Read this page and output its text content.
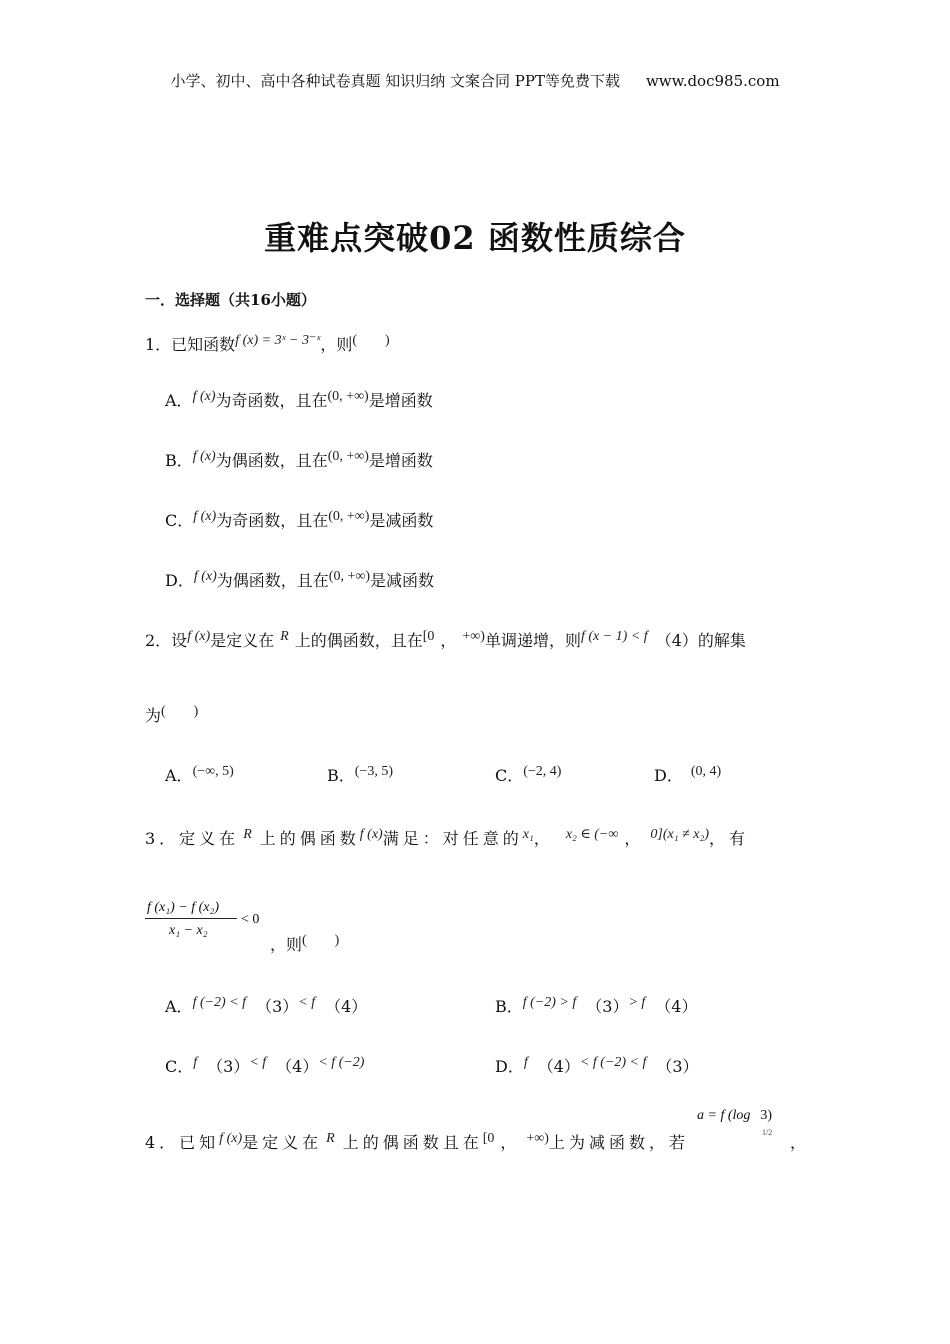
小学、初中、高中各种试卷真题 知识归纳 文案合同 PPT等免费下载 www.doc985.com
重难点突破02 函数性质综合
一．选择题（共16小题）
1．已知函数f (x) = 3ˣ − 3⁻ˣ，则(　　)
A．f (x)为奇函数，且在(0, +∞)是增函数
B．f (x)为偶函数，且在(0, +∞)是增函数
C．f (x)为奇函数，且在(0, +∞)是减函数
D．f (x)为偶函数，且在(0, +∞)是减函数
2．设f (x)是定义在 R 上的偶函数，且在[0 ， +∞)单调递增，则f (x − 1) < f （4）的解集
为(　　)
A．(−∞, 5)	B．(−3, 5)	C．(−2, 4)	D． (0, 4)
3．定义在 R 上的偶函数f (x)满足：对任意的x₁， x₂ ∈ (−∞ ， 0](x₁ ≠ x₂)，有
f (x₁) − f (x₂)
x₁ − x₂
< 0
，则(　　)
A．f (−2) < f （3）< f （4）	B．f (−2) > f （3）> f （4）
C．f （3）< f （4）< f (−2)	D．f （4）< f (−2) < f （3）
4．已知f (x)是定义在 R 上的偶函数且在[0 ， +∞)上为减函数，若
a = f (log 3)
1/2
，
